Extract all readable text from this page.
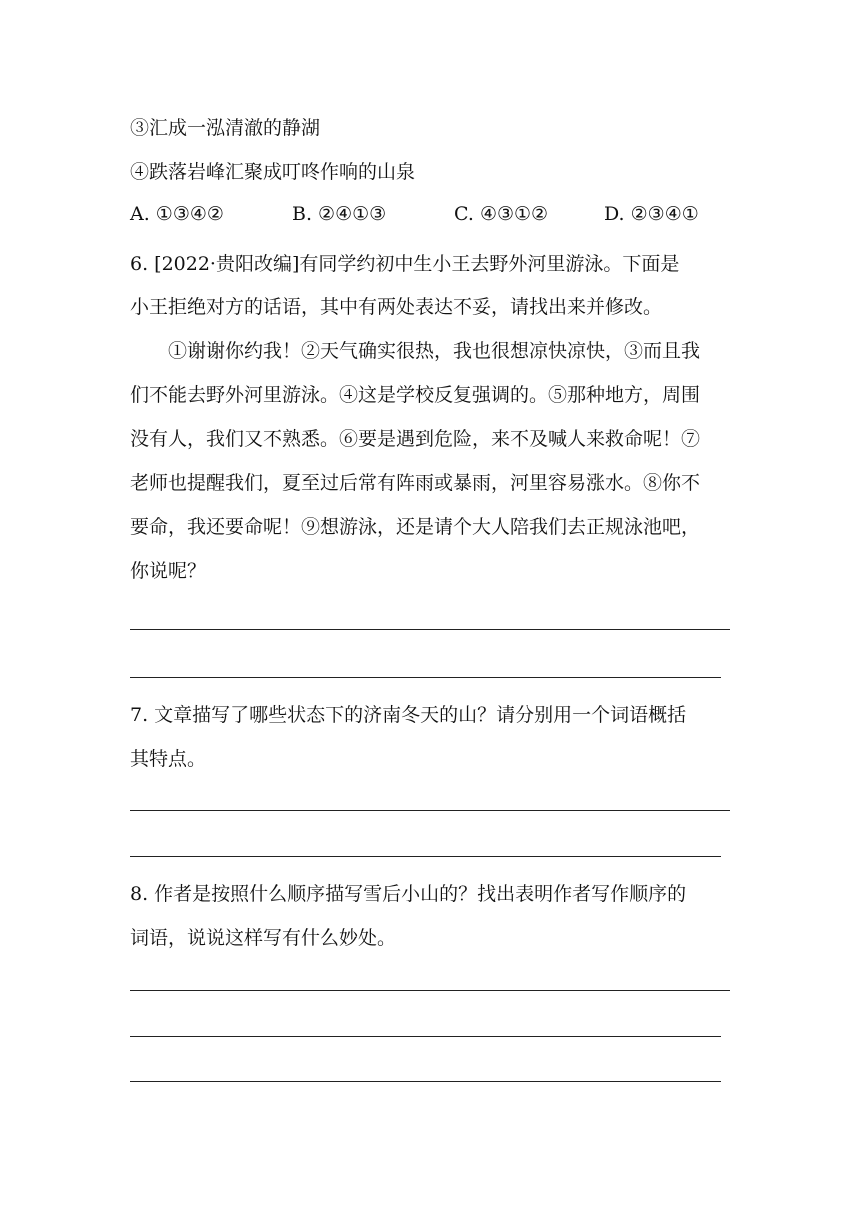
③汇成一泓清澈的静湖
④跌落岩峰汇聚成叮咚作响的山泉
A. ①③④②	B. ②④①③	C. ④③①②	D. ②③④①
6. [2022·贵阳改编]有同学约初中生小王去野外河里游泳。下面是
小王拒绝对方的话语，其中有两处表达不妥，请找出来并修改。
①谢谢你约我！②天气确实很热，我也很想凉快凉快，③而且我
们不能去野外河里游泳。④这是学校反复强调的。⑤那种地方，周围
没有人，我们又不熟悉。⑥要是遇到危险，来不及喊人来救命呢！⑦
老师也提醒我们，夏至过后常有阵雨或暴雨，河里容易涨水。⑧你不
要命，我还要命呢！⑨想游泳，还是请个大人陪我们去正规泳池吧，
你说呢？
7. 文章描写了哪些状态下的济南冬天的山？请分别用一个词语概括
其特点。
8. 作者是按照什么顺序描写雪后小山的？找出表明作者写作顺序的
词语，说说这样写有什么妙处。
